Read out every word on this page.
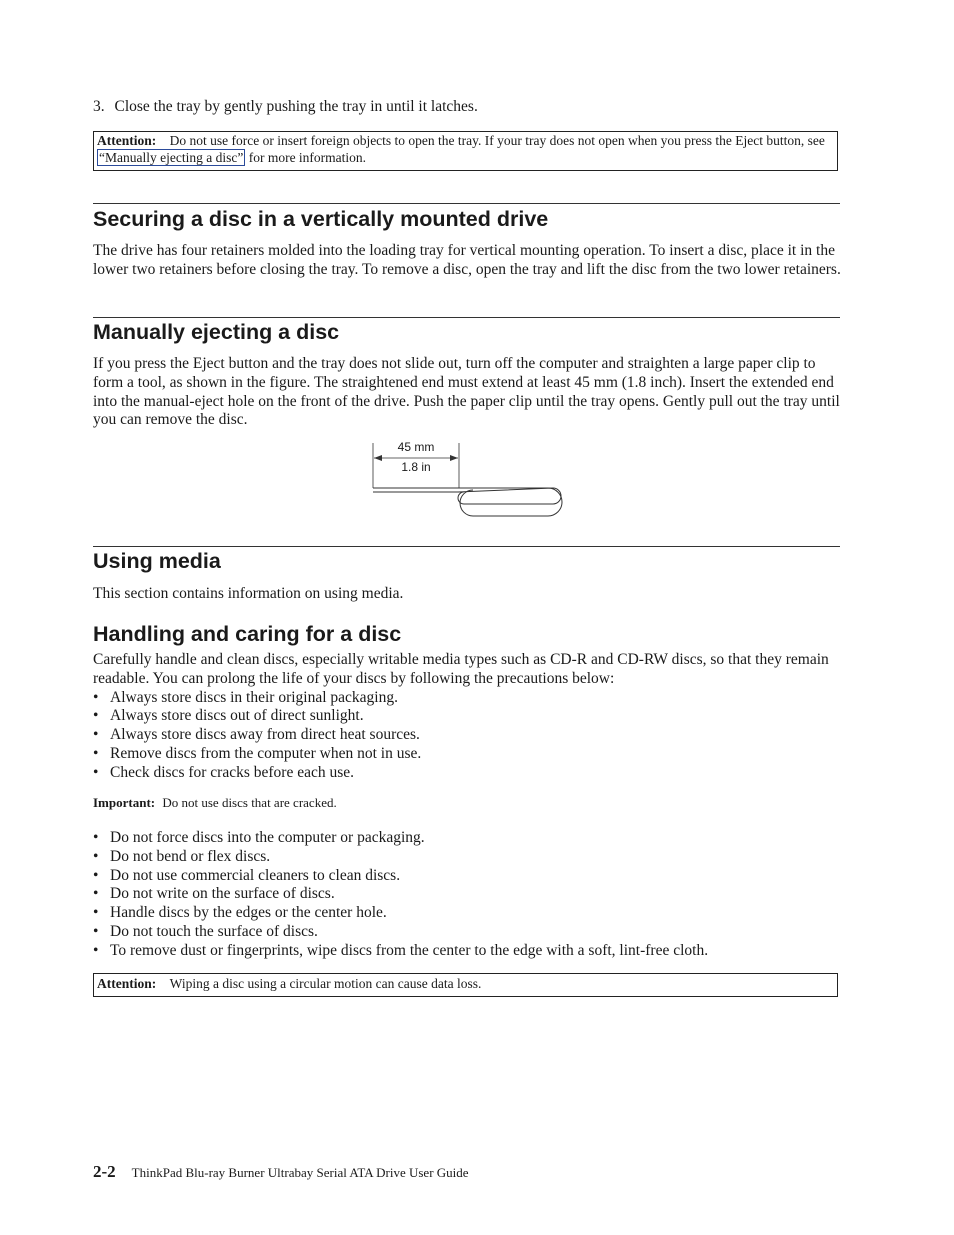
3. Close the tray by gently pushing the tray in until it latches.
Attention: Do not use force or insert foreign objects to open the tray. If your tray does not open when you press the Eject button, see “Manually ejecting a disc” for more information.
Securing a disc in a vertically mounted drive
The drive has four retainers molded into the loading tray for vertical mounting operation. To insert a disc, place it in the lower two retainers before closing the tray. To remove a disc, open the tray and lift the disc from the two lower retainers.
Manually ejecting a disc
If you press the Eject button and the tray does not slide out, turn off the computer and straighten a large paper clip to form a tool, as shown in the figure. The straightened end must extend at least 45 mm (1.8 inch). Insert the extended end into the manual-eject hole on the front of the drive. Push the paper clip until the tray opens. Gently pull out the tray until you can remove the disc.
45 mm
1.8 in
Using media
This section contains information on using media.
Handling and caring for a disc
Carefully handle and clean discs, especially writable media types such as CD-R and CD-RW discs, so that they remain readable. You can prolong the life of your discs by following the precautions below:
• Always store discs in their original packaging.
• Always store discs out of direct sunlight.
• Always store discs away from direct heat sources.
• Remove discs from the computer when not in use.
• Check discs for cracks before each use.
Important: Do not use discs that are cracked.
• Do not force discs into the computer or packaging.
• Do not bend or flex discs.
• Do not use commercial cleaners to clean discs.
• Do not write on the surface of discs.
• Handle discs by the edges or the center hole.
• Do not touch the surface of discs.
• To remove dust or fingerprints, wipe discs from the center to the edge with a soft, lint-free cloth.
Attention: Wiping a disc using a circular motion can cause data loss.
2-2 ThinkPad Blu-ray Burner Ultrabay Serial ATA Drive User Guide
